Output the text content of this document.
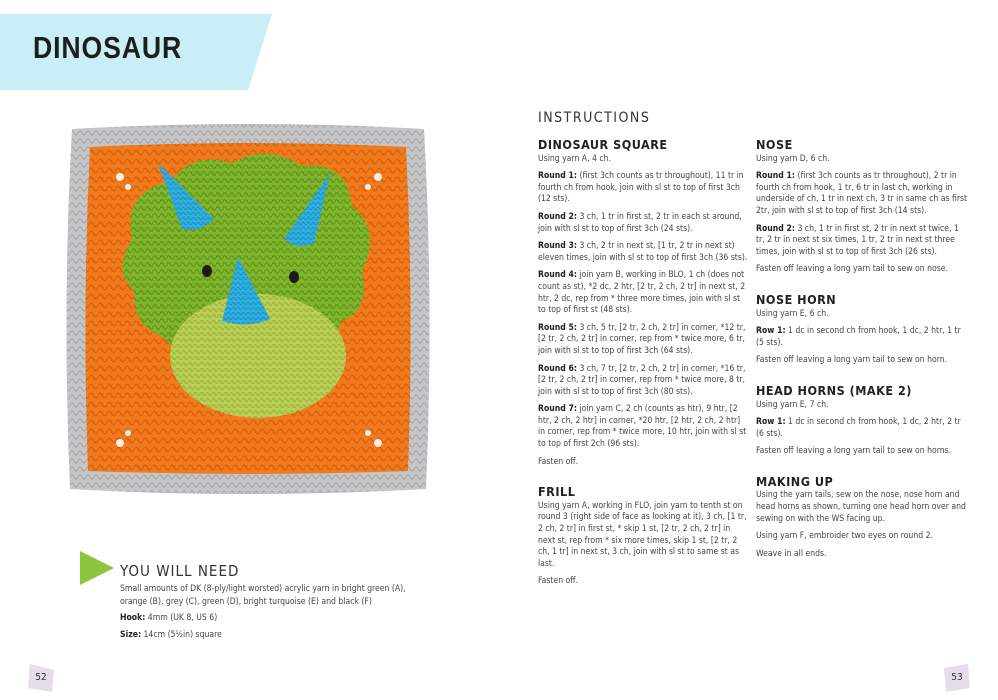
DINOSAUR
YOU WILL NEED

Small amounts of DK (8-ply/light worsted) acrylic yarn in bright green (A), orange (B), grey (C), green (D), bright turquoise (E) and black (F)

Hook: 4mm (UK 8, US 6)

Size: 14cm (5½in) square

INSTRUCTIONS
DINOSAUR SQUARE

Using yarn A, 4 ch.

Round 1: (first 3ch counts as tr throughout), 11 tr in fourth ch from hook, join with sl st to top of first 3ch (12 sts).

Round 2: 3 ch, 1 tr in first st, 2 tr in each st around, join with sl st to top of first 3ch (24 sts).

Round 3: 3 ch, 2 tr in next st, [1 tr, 2 tr in next st) eleven times, join with sl st to top of first 3ch (36 sts).

Round 4: join yarn B, working in BLO, 1 ch (does not count as st), *2 dc, 2 htr, [2 tr, 2 ch, 2 tr] in next st, 2 htr, 2 dc, rep from * three more times, join with sl st to top of first st (48 sts).

Round 5: 3 ch, 5 tr, [2 tr, 2 ch, 2 tr] in corner, *12 tr, [2 tr, 2 ch, 2 tr] in corner, rep from * twice more, 6 tr, join with sl st to top of first 3ch (64 sts).

Round 6: 3 ch, 7 tr, [2 tr, 2 ch, 2 tr] in corner, *16 tr, [2 tr, 2 ch, 2 tr] in corner, rep from * twice more, 8 tr, join with sl st to top of first 3ch (80 sts).

Round 7: join yarn C, 2 ch (counts as htr), 9 htr, [2 htr, 2 ch, 2 htr] in corner, *20 htr, [2 htr, 2 ch, 2 htr] in corner, rep from * twice more, 10 htr, join with sl st to top of first 2ch (96 sts).

Fasten off.

FRILL

Using yarn A, working in FLO, join yarn to tenth st on round 3 (right side of face as looking at it), 3 ch, [1 tr, 2 ch, 2 tr] in first st, * skip 1 st, [2 tr, 2 ch, 2 tr] in next st, rep from * six more times, skip 1 st, [2 tr, 2 ch, 1 tr] in next st, 3 ch, join with sl st to same st as last.

Fasten off.

NOSE

Using yarn D, 6 ch.

Round 1: (first 3ch counts as tr throughout), 2 tr in fourth ch from hook, 1 tr, 6 tr in last ch, working in underside of ch, 1 tr in next ch, 3 tr in same ch as first 2tr, join with sl st to top of first 3ch (14 sts).

Round 2: 3 ch, 1 tr in first st, 2 tr in next st twice, 1 tr, 2 tr in next st six times, 1 tr, 2 tr in next st three times, join with sl st to top of first 3ch (26 sts).

Fasten off leaving a long yarn tail to sew on nose.

NOSE HORN

Using yarn E, 6 ch.

Row 1: 1 dc in second ch from hook, 1 dc, 2 htr, 1 tr (5 sts).

Fasten off leaving a long yarn tail to sew on horn.

HEAD HORNS (MAKE 2)

Using yarn E, 7 ch.

Row 1: 1 dc in second ch from hook, 1 dc, 2 htr, 2 tr (6 sts).

Fasten off leaving a long yarn tail to sew on horns.

MAKING UP

Using the yarn tails, sew on the nose, nose horn and head horns as shown, turning one head horn over and sewing on with the WS facing up.

Using yarn F, embroider two eyes on round 2.

Weave in all ends.

52	53
